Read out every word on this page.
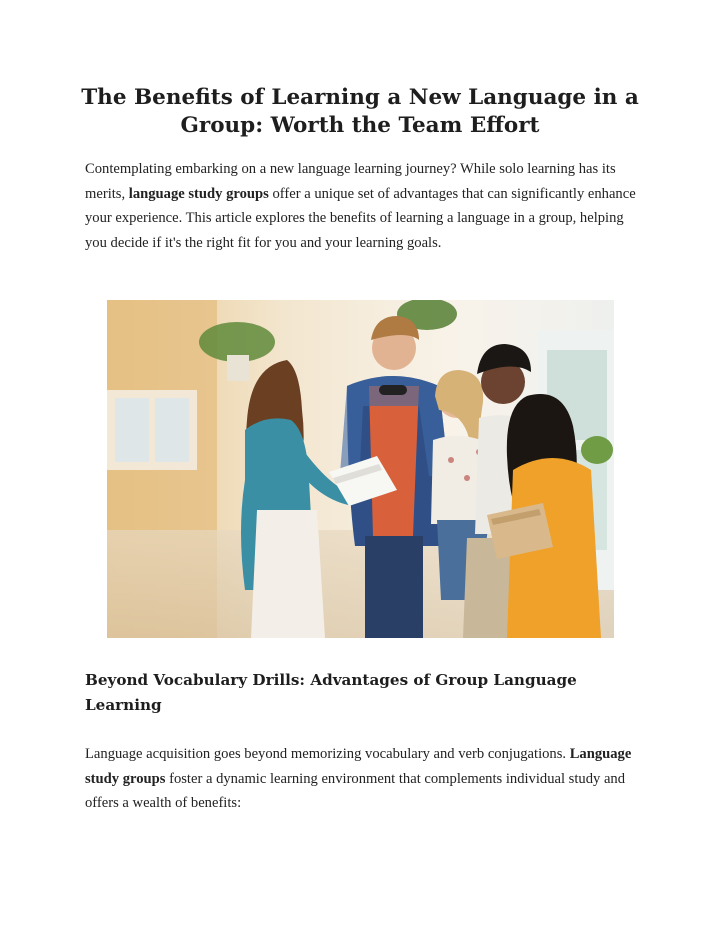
The Benefits of Learning a New Language in a Group: Worth the Team Effort

Contemplating embarking on a new language learning journey? While solo learning has its merits, language study groups offer a unique set of advantages that can significantly enhance your experience. This article explores the benefits of learning a language in a group, helping you decide if it's the right fit for you and your learning goals.

Beyond Vocabulary Drills: Advantages of Group Language Learning

Language acquisition goes beyond memorizing vocabulary and verb conjugations. Language study groups foster a dynamic learning environment that complements individual study and offers a wealth of benefits:
